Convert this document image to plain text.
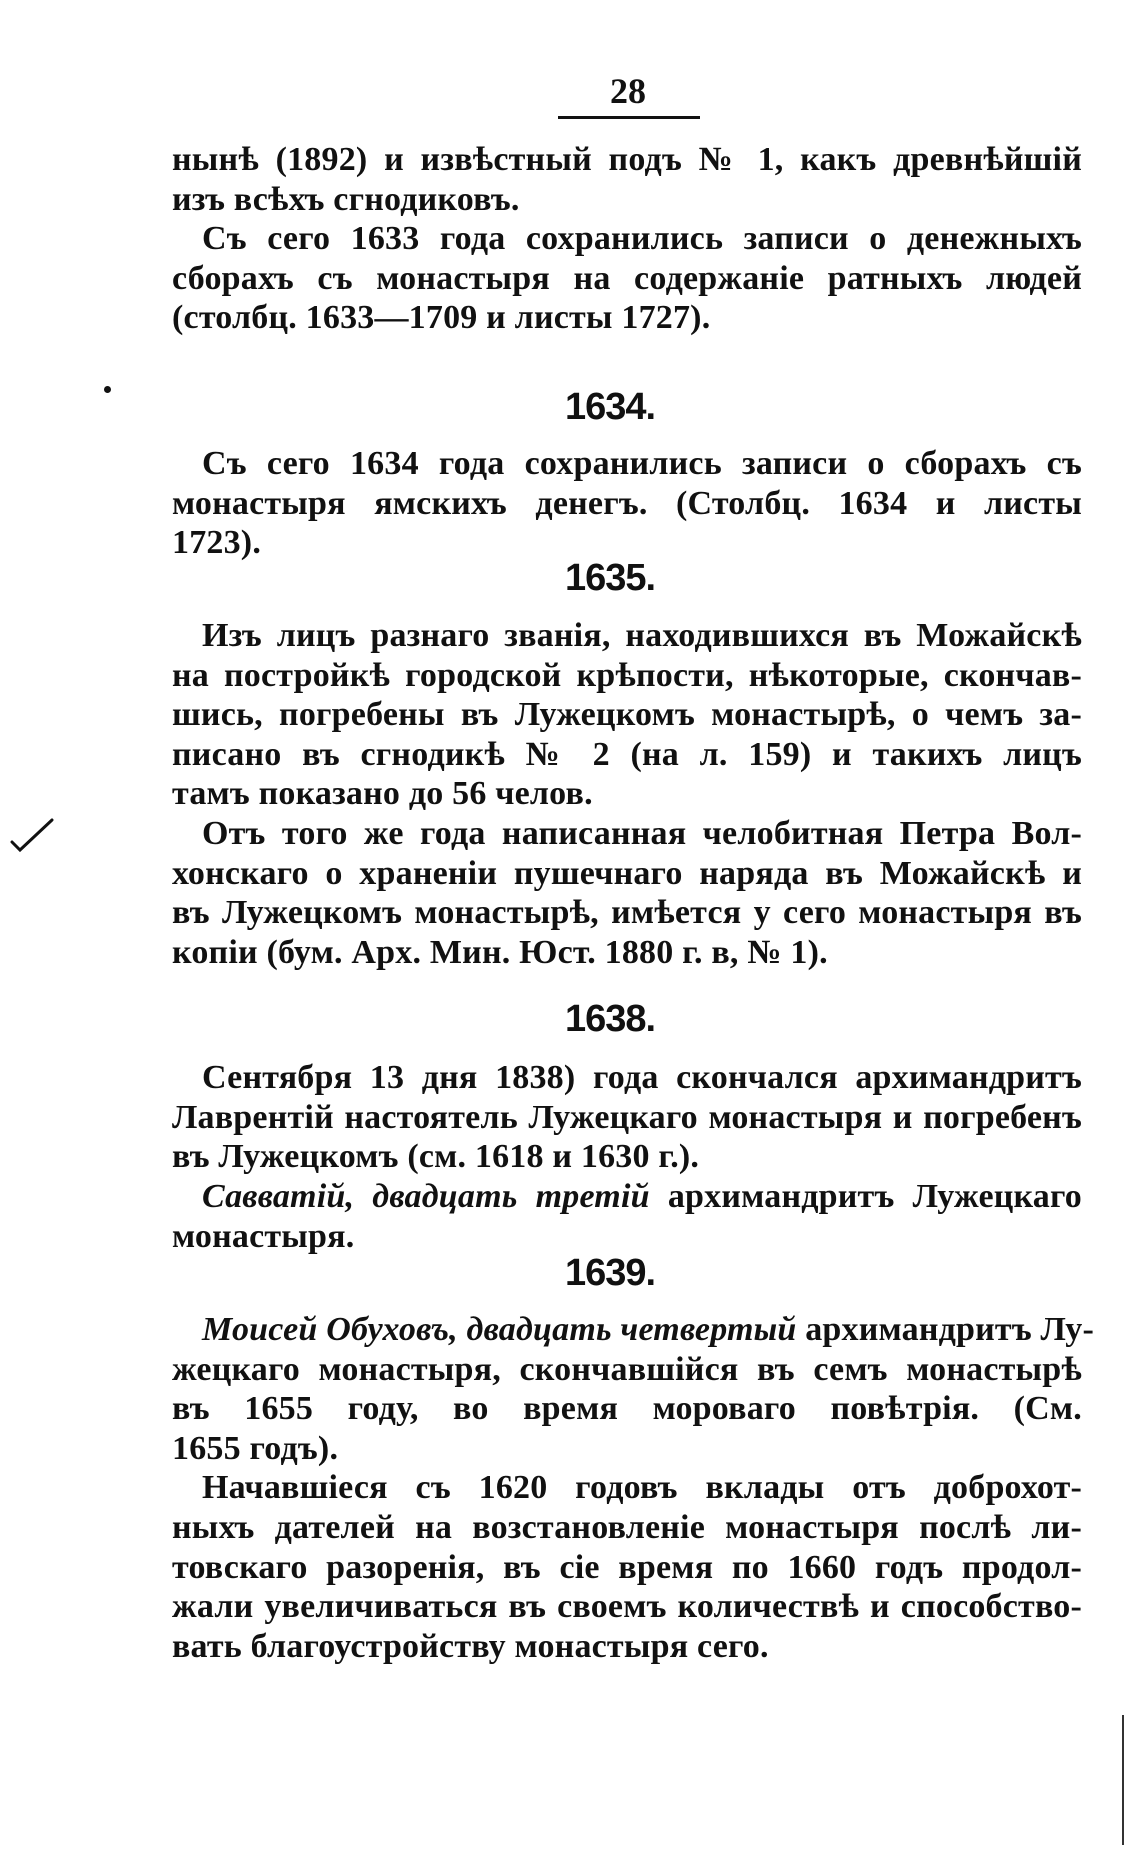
28
нынѣ (1892) и извѣстный подъ № 1, какъ древнѣйшій
изъ всѣхъ сгнодиковъ.
Съ сего 1633 года сохранились записи о денежныхъ
сборахъ съ монастыря на содержаніе ратныхъ людей
(столбц. 1633—1709 и листы 1727).
1634.
Съ сего 1634 года сохранились записи о сборахъ съ
монастыря ямскихъ денегъ. (Столбц. 1634 и листы
1723).
1635.
Изъ лицъ разнаго званія, находившихся въ Можайскѣ
на постройкѣ городской крѣпости, нѣкоторые, скончав-
шись, погребены въ Лужецкомъ монастырѣ, о чемъ за-
писано въ сгнодикѣ № 2 (на л. 159) и такихъ лицъ
тамъ показано до 56 челов.
Отъ того же года написанная челобитная Петра Вол-
хонскаго о храненіи пушечнаго наряда въ Можайскѣ и
въ Лужецкомъ монастырѣ, имѣется у сего монастыря въ
копіи (бум. Арх. Мин. Юст. 1880 г. в, № 1).
1638.
Сентября 13 дня 1838) года скончался архимандритъ
Лаврентій настоятель Лужецкаго монастыря и погребенъ
въ Лужецкомъ (см. 1618 и 1630 г.).
Савватій, двадцать третій архимандритъ Лужецкаго
монастыря.
1639.
Моисей Обуховъ, двадцать четвертый архимандритъ Лу-
жецкаго монастыря, скончавшійся въ семъ монастырѣ
въ 1655 году, во время мороваго повѣтрія. (См.
1655 годъ).
Начавшіеся съ 1620 годовъ вклады отъ доброхот-
ныхъ дателей на возстановленіе монастыря послѣ ли-
товскаго разоренія, въ сіе время по 1660 годъ продол-
жали увеличиваться въ своемъ количествѣ и способство-
вать благоустройству монастыря сего.
